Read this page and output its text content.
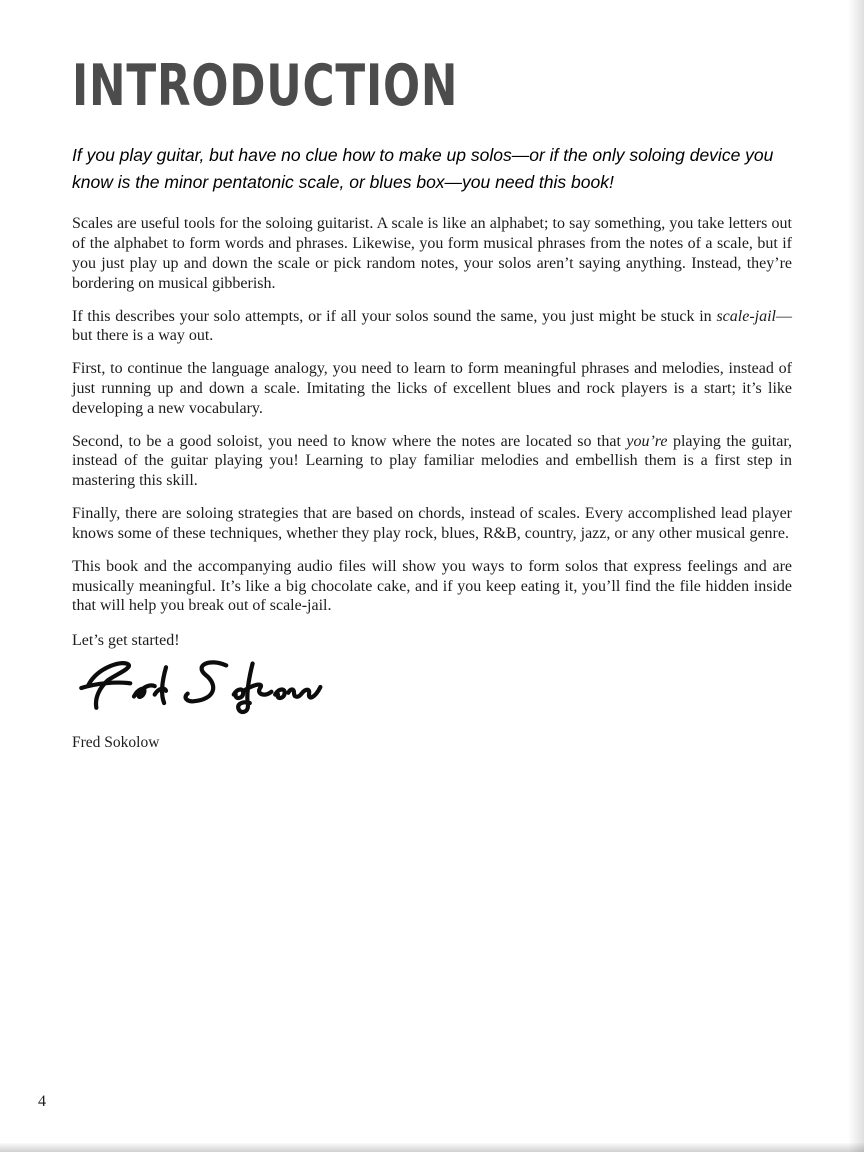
INTRODUCTION

If you play guitar, but have no clue how to make up solos—or if the only soloing device you know is the minor pentatonic scale, or blues box—you need this book!

Scales are useful tools for the soloing guitarist. A scale is like an alphabet; to say something, you take letters out of the alphabet to form words and phrases. Likewise, you form musical phrases from the notes of a scale, but if you just play up and down the scale or pick random notes, your solos aren’t saying anything. Instead, they’re bordering on musical gibberish.

If this describes your solo attempts, or if all your solos sound the same, you just might be stuck in scale-jail—but there is a way out.

First, to continue the language analogy, you need to learn to form meaningful phrases and melodies, instead of just running up and down a scale. Imitating the licks of excellent blues and rock players is a start; it’s like developing a new vocabulary.

Second, to be a good soloist, you need to know where the notes are located so that you’re playing the guitar, instead of the guitar playing you! Learning to play familiar melodies and embellish them is a first step in mastering this skill.

Finally, there are soloing strategies that are based on chords, instead of scales. Every accomplished lead player knows some of these techniques, whether they play rock, blues, R&B, country, jazz, or any other musical genre.

This book and the accompanying audio files will show you ways to form solos that express feelings and are musically meaningful. It’s like a big chocolate cake, and if you keep eating it, you’ll find the file hidden inside that will help you break out of scale-jail.

Let’s get started!

Fred Sokolow

4
